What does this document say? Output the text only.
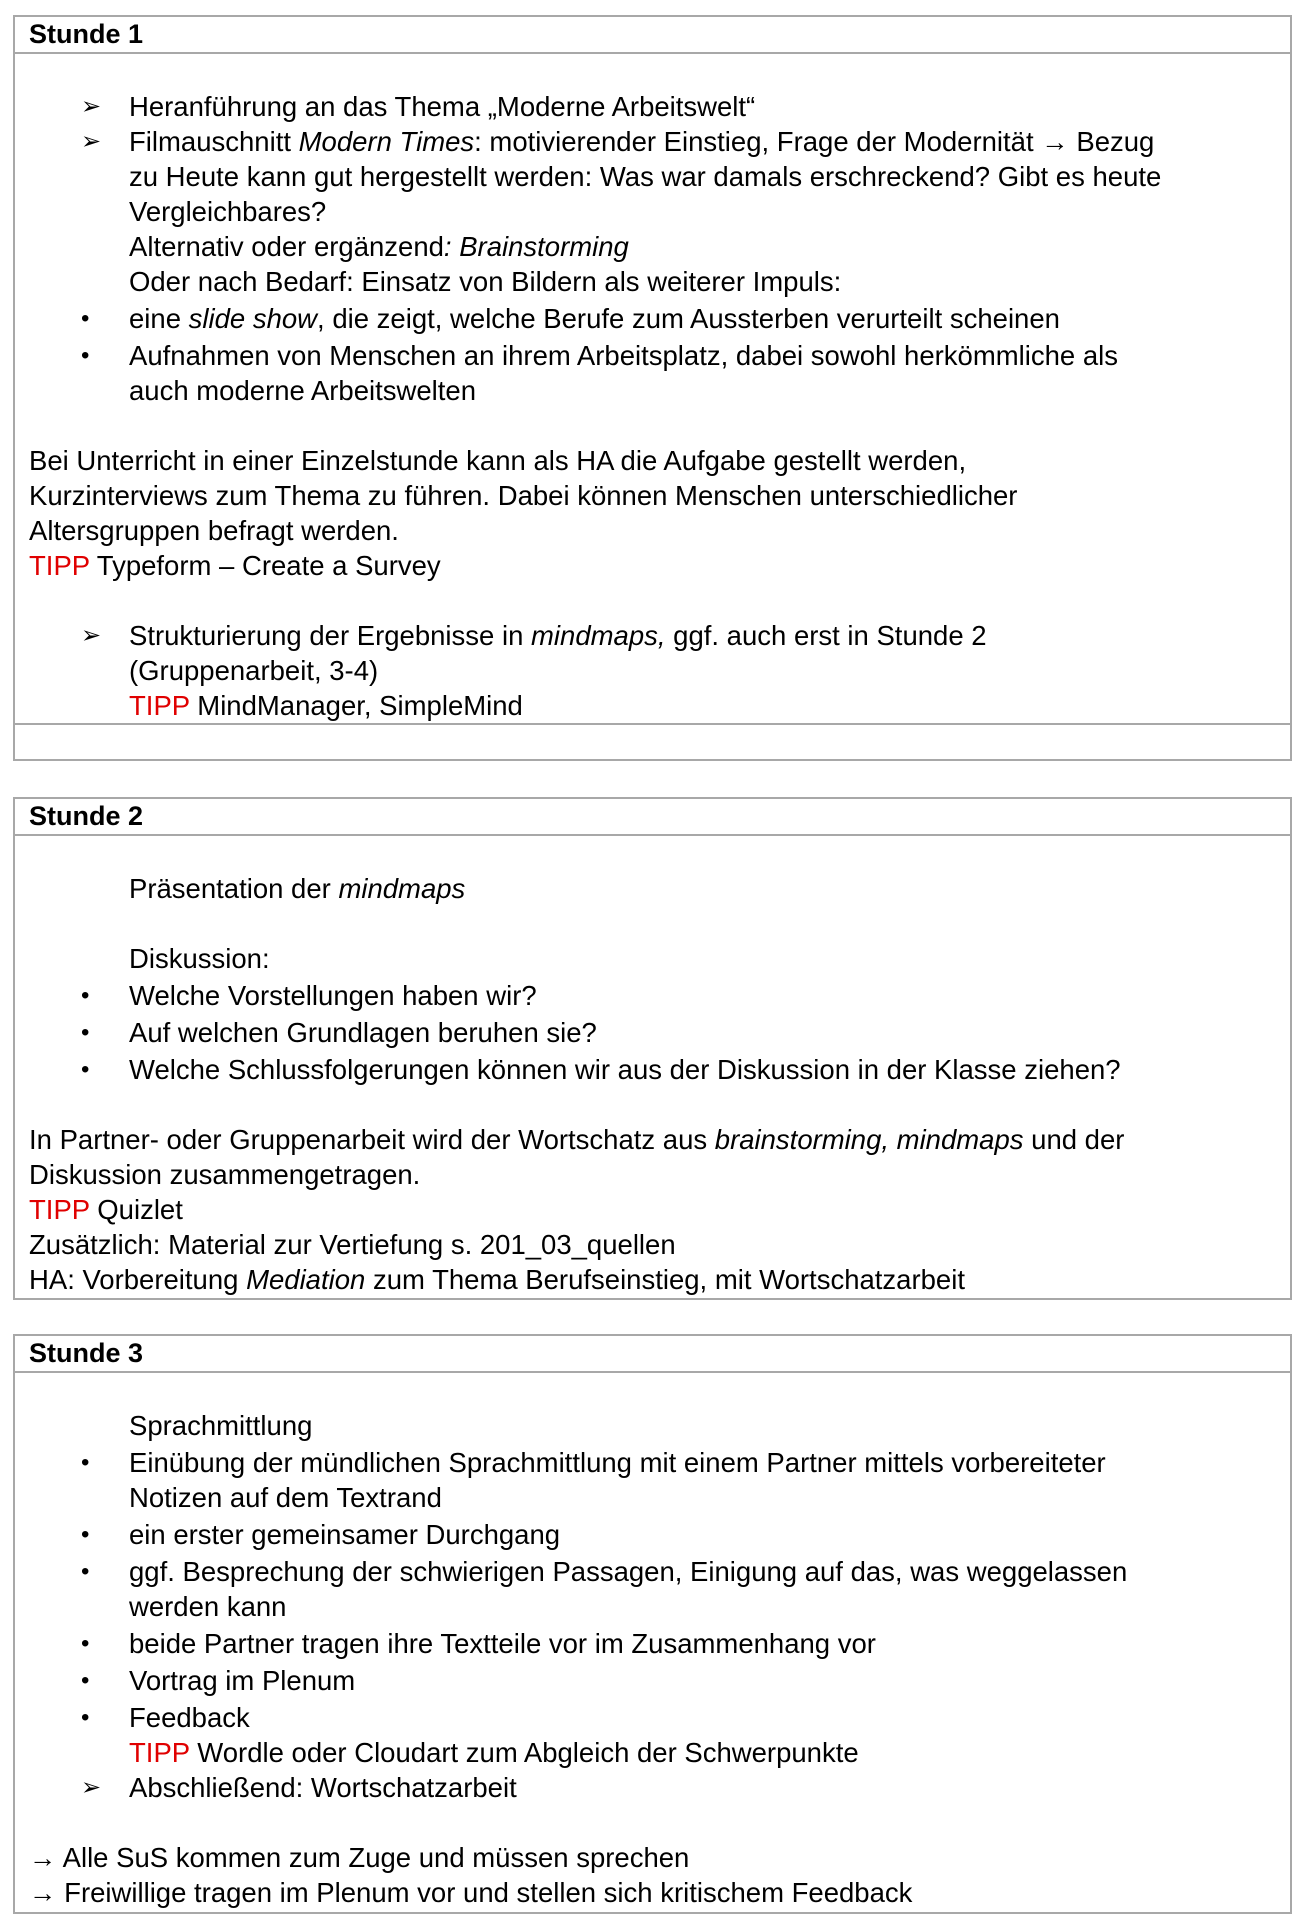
Stunde 1
➢ Heranführung an das Thema „Moderne Arbeitswelt“
➢ Filmauschnitt Modern Times: motivierender Einstieg, Frage der Modernität → Bezug
zu Heute kann gut hergestellt werden: Was war damals erschreckend? Gibt es heute
Vergleichbares?
Alternativ oder ergänzend: Brainstorming
Oder nach Bedarf: Einsatz von Bildern als weiterer Impuls:
• eine slide show, die zeigt, welche Berufe zum Aussterben verurteilt scheinen
• Aufnahmen von Menschen an ihrem Arbeitsplatz, dabei sowohl herkömmliche als
auch moderne Arbeitswelten
Bei Unterricht in einer Einzelstunde kann als HA die Aufgabe gestellt werden,
Kurzinterviews zum Thema zu führen. Dabei können Menschen unterschiedlicher
Altersgruppen befragt werden.
TIPP Typeform – Create a Survey
➢ Strukturierung der Ergebnisse in mindmaps, ggf. auch erst in Stunde 2
(Gruppenarbeit, 3-4)
TIPP MindManager, SimpleMind
Stunde 2
Präsentation der mindmaps
Diskussion:
• Welche Vorstellungen haben wir?
• Auf welchen Grundlagen beruhen sie?
• Welche Schlussfolgerungen können wir aus der Diskussion in der Klasse ziehen?
In Partner- oder Gruppenarbeit wird der Wortschatz aus brainstorming, mindmaps und der
Diskussion zusammengetragen.
TIPP Quizlet
Zusätzlich: Material zur Vertiefung s. 201_03_quellen
HA: Vorbereitung Mediation zum Thema Berufseinstieg, mit Wortschatzarbeit
Stunde 3
Sprachmittlung
• Einübung der mündlichen Sprachmittlung mit einem Partner mittels vorbereiteter
Notizen auf dem Textrand
• ein erster gemeinsamer Durchgang
• ggf. Besprechung der schwierigen Passagen, Einigung auf das, was weggelassen
werden kann
• beide Partner tragen ihre Textteile vor im Zusammenhang vor
• Vortrag im Plenum
• Feedback
TIPP Wordle oder Cloudart zum Abgleich der Schwerpunkte
➢ Abschließend: Wortschatzarbeit
→ Alle SuS kommen zum Zuge und müssen sprechen
→ Freiwillige tragen im Plenum vor und stellen sich kritischem Feedback
